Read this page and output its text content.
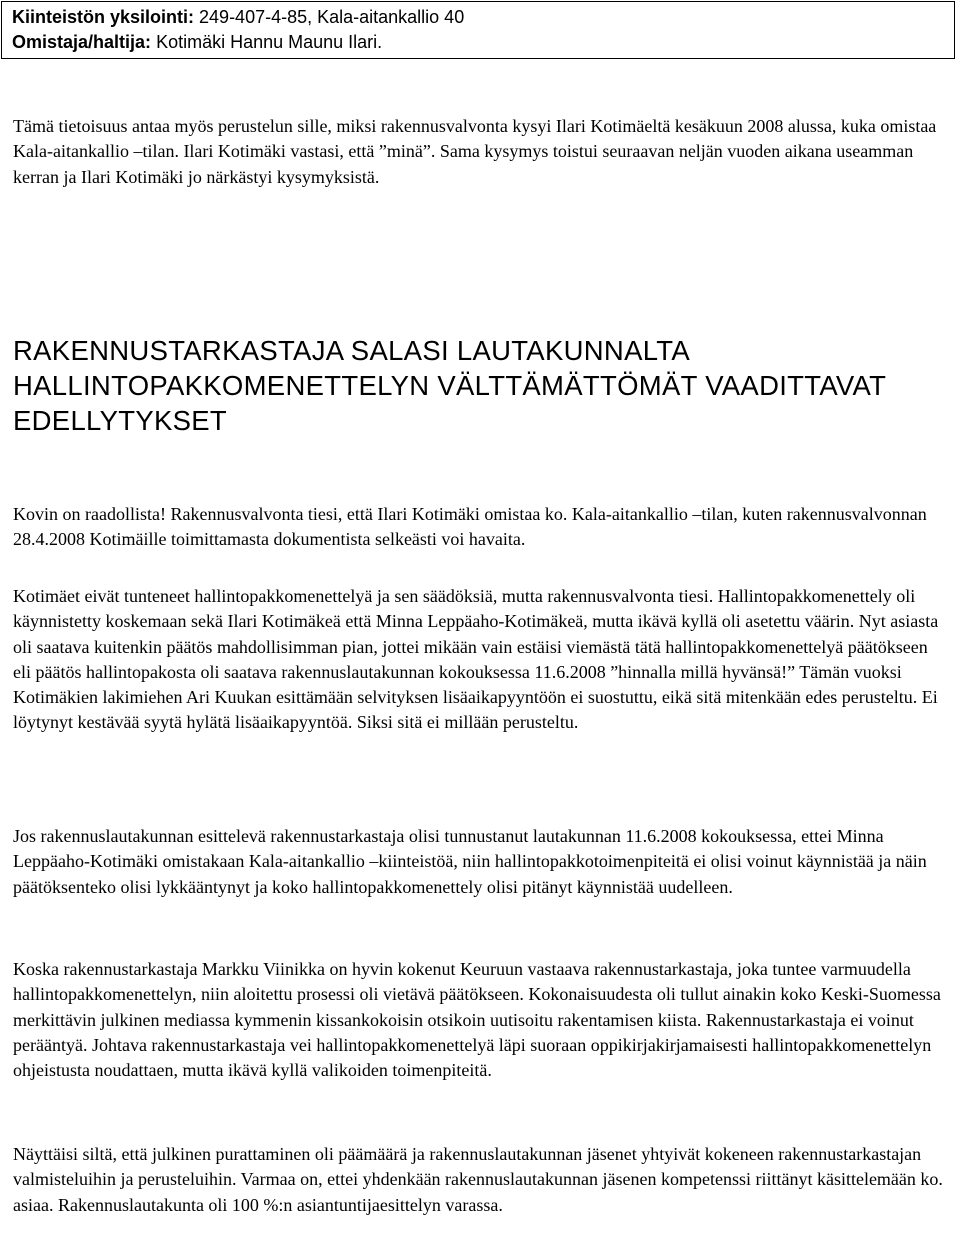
Kiinteistön yksilointi: 249-407-4-85, Kala-aitankallio 40
Omistaja/haltija: Kotimäki Hannu Maunu Ilari.

Tämä tietoisuus antaa myös perustelun sille, miksi rakennusvalvonta kysyi Ilari Kotimäeltä kesäkuun 2008 alussa, kuka omistaa Kala-aitankallio –tilan. Ilari Kotimäki vastasi, että ”minä”. Sama kysymys toistui seuraavan neljän vuoden aikana useamman kerran ja Ilari Kotimäki jo närkästyi kysymyksistä.

RAKENNUSTARKASTAJA SALASI LAUTAKUNNALTA HALLINTOPAKKOMENETTELYN VÄLTTÄMÄTTÖMÄT VAADITTAVAT EDELLYTYKSET

Kovin on raadollista! Rakennusvalvonta tiesi, että Ilari Kotimäki omistaa ko. Kala-aitankallio –tilan, kuten rakennusvalvonnan 28.4.2008 Kotimäille toimittamasta dokumentista selkeästi voi havaita.

Kotimäet eivät tunteneet hallintopakkomenettelyä ja sen säädöksiä, mutta rakennusvalvonta tiesi. Hallintopakkomenettely oli käynnistetty koskemaan sekä Ilari Kotimäkeä että Minna Leppäaho-Kotimäkeä, mutta ikävä kyllä oli asetettu väärin. Nyt asiasta oli saatava kuitenkin päätös mahdollisimman pian, jottei mikään vain estäisi viemästä tätä hallintopakkomenettelyä päätökseen eli päätös hallintopakosta oli saatava rakennuslautakunnan kokouksessa 11.6.2008 ”hinnalla millä hyvänsä!” Tämän vuoksi Kotimäkien lakimiehen Ari Kuukan esittämään selvityksen lisäaikapyyntöön ei suostuttu, eikä sitä mitenkään edes perusteltu. Ei löytynyt kestävää syytä hylätä lisäaikapyyntöä. Siksi sitä ei millään perusteltu.

Jos rakennuslautakunnan esittelevä rakennustarkastaja olisi tunnustanut lautakunnan 11.6.2008 kokouksessa, ettei Minna Leppäaho-Kotimäki omistakaan Kala-aitankallio –kiinteistöä, niin hallintopakkotoimenpiteitä ei olisi voinut käynnistää ja näin päätöksenteko olisi lykkääntynyt ja koko hallintopakkomenettely olisi pitänyt käynnistää uudelleen.

Koska rakennustarkastaja Markku Viinikka on hyvin kokenut Keuruun vastaava rakennustarkastaja, joka tuntee varmuudella hallintopakkomenettelyn, niin aloitettu prosessi oli vietävä päätökseen. Kokonaisuudesta oli tullut ainakin koko Keski-Suomessa merkittävin julkinen mediassa kymmenin kissankokoisin otsikoin uutisoitu rakentamisen kiista. Rakennustarkastaja ei voinut perääntyä. Johtava rakennustarkastaja vei hallintopakkomenettelyä läpi suoraan oppikirjakirjamaisesti hallintopakkomenettelyn ohjeistusta noudattaen, mutta ikävä kyllä valikoiden toimenpiteitä.

Näyttäisi siltä, että julkinen purattaminen oli päämäärä ja rakennuslautakunnan jäsenet yhtyivät kokeneen rakennustarkastajan valmisteluihin ja perusteluihin. Varmaa on, ettei yhdenkään rakennuslautakunnan jäsenen kompetenssi riittänyt käsittelemään ko. asiaa. Rakennuslautakunta oli 100 %:n asiantuntijaesittelyn varassa.
